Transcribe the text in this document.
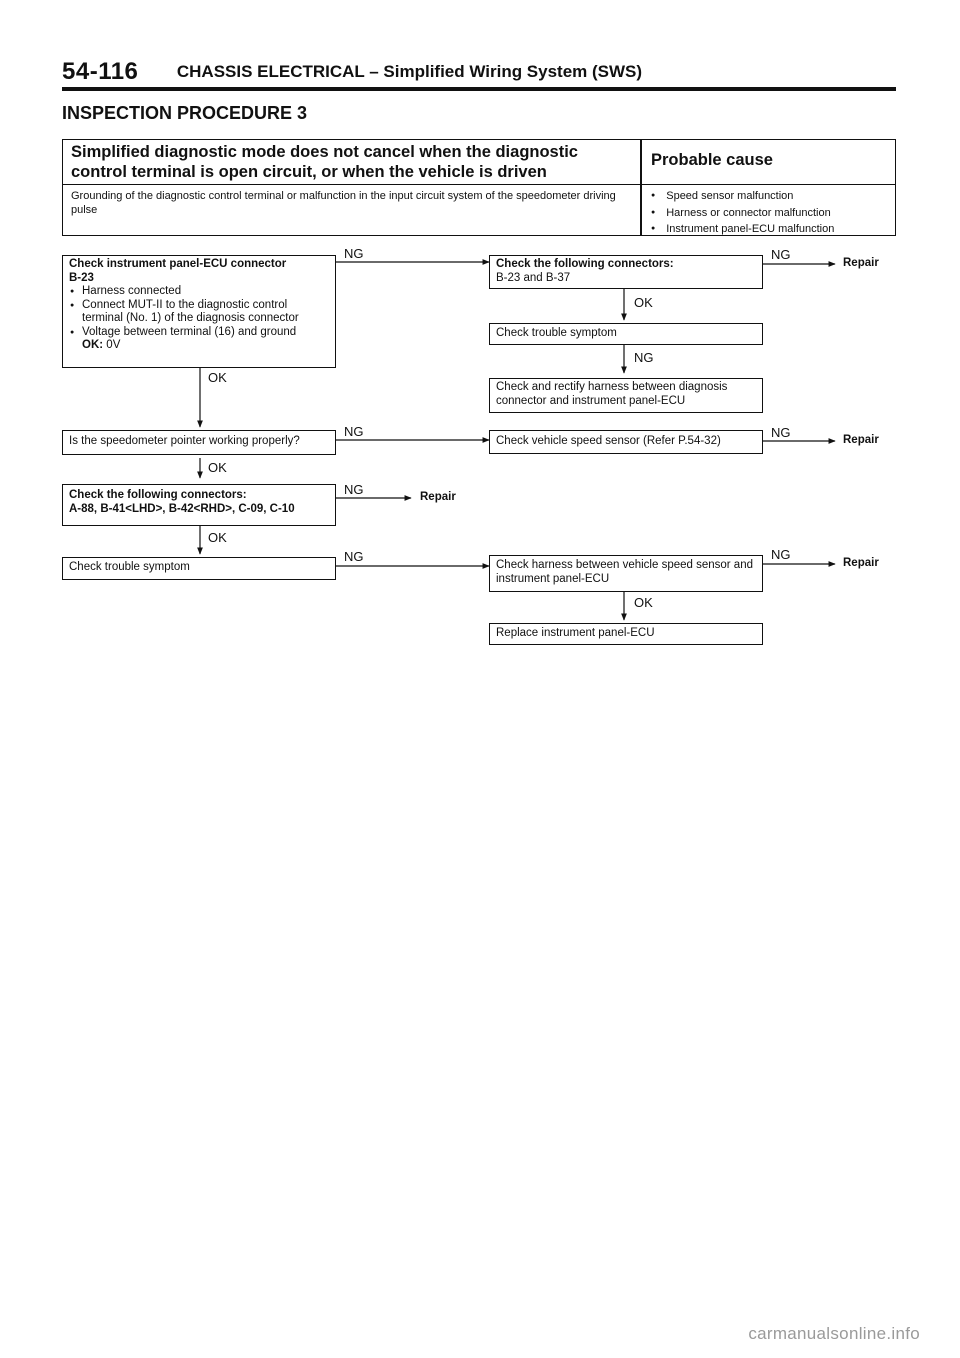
54-116 CHASSIS ELECTRICAL – Simplified Wiring System (SWS)
INSPECTION PROCEDURE 3
Simplified diagnostic mode does not cancel when the diagnostic control terminal is open circuit, or when the vehicle is driven
Probable cause
Grounding of the diagnostic control terminal or malfunction in the input circuit system of the speedometer driving pulse
● Speed sensor malfunction
● Harness or connector malfunction
● Instrument panel-ECU malfunction
Check instrument panel-ECU connector
B-23
● Harness connected
● Connect MUT-II to the diagnostic control terminal (No. 1) of the diagnosis connector
● Voltage between terminal (16) and ground
OK: 0V
Is the speedometer pointer working properly?
Check the following connectors:
A-88, B-41<LHD>, B-42<RHD>, C-09, C-10
Check trouble symptom
Check the following connectors:
B-23 and B-37
Check trouble symptom
Check and rectify harness between diagnosis connector and instrument panel-ECU
Check vehicle speed sensor (Refer P.54-32)
Check harness between vehicle speed sensor and instrument panel-ECU
Replace instrument panel-ECU
OK
OK
OK
OK
NG
OK
NG
NG
NG
NG
NG
NG
NG
Repair
Repair
Repair
Repair
carmanualsonline.info
